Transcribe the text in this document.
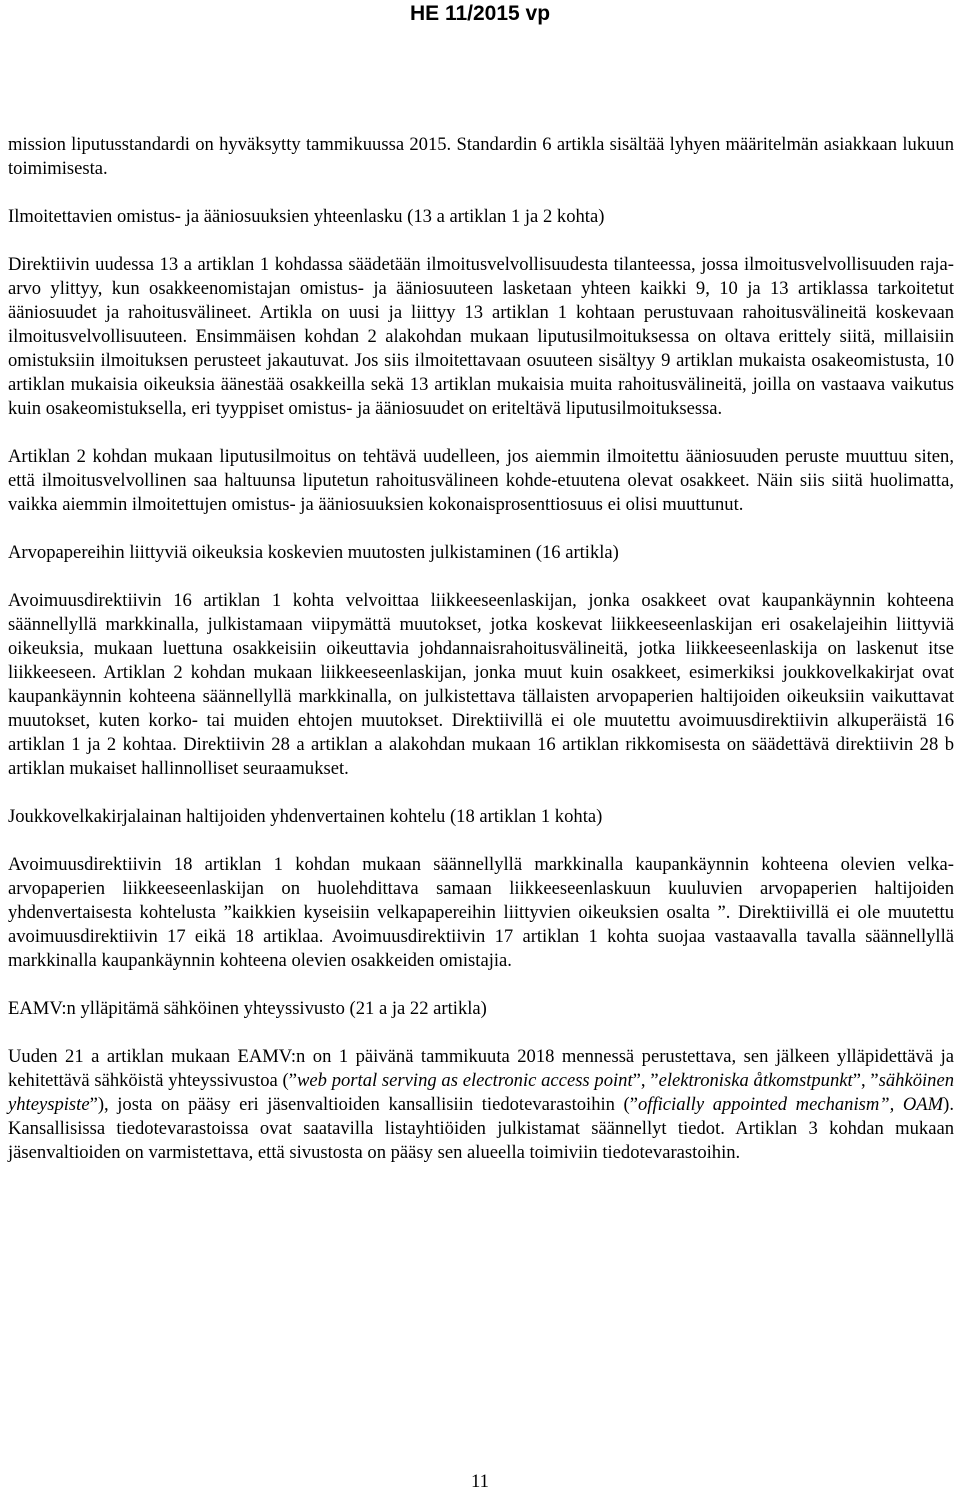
HE 11/2015 vp

mission liputusstandardi on hyväksytty tammikuussa 2015. Standardin 6 artikla sisältää lyhyen määritelmän asiakkaan lukuun toimimisesta.

Ilmoitettavien omistus- ja ääniosuuksien yhteenlasku (13 a artiklan 1 ja 2 kohta)

Direktiivin uudessa 13 a artiklan 1 kohdassa säädetään ilmoitusvelvollisuudesta tilanteessa, jossa ilmoitusvelvollisuuden raja-arvo ylittyy, kun osakkeenomistajan omistus- ja ääniosuuteen lasketaan yhteen kaikki 9, 10 ja 13 artiklassa tarkoitetut ääniosuudet ja rahoitusvälineet. Artikla on uusi ja liittyy 13 artiklan 1 kohtaan perustuvaan rahoitusvälineitä koskevaan ilmoitusvelvollisuuteen. Ensimmäisen kohdan 2 alakohdan mukaan liputusilmoituksessa on oltava erittely siitä, millaisiin omistuksiin ilmoituksen perusteet jakautuvat. Jos siis ilmoitettavaan osuuteen sisältyy 9 artiklan mukaista osakeomistusta, 10 artiklan mukaisia oikeuksia äänestää osakkeilla sekä 13 artiklan mukaisia muita rahoitusvälineitä, joilla on vastaava vaikutus kuin osakeomistuksella, eri tyyppiset omistus- ja ääniosuudet on eriteltävä liputusilmoituksessa.

Artiklan 2 kohdan mukaan liputusilmoitus on tehtävä uudelleen, jos aiemmin ilmoitettu ääniosuuden peruste muuttuu siten, että ilmoitusvelvollinen saa haltuunsa liputetun rahoitusvälineen kohde-etuutena olevat osakkeet. Näin siis siitä huolimatta, vaikka aiemmin ilmoitettujen omistus- ja ääniosuuksien kokonaisprosenttiosuus ei olisi muuttunut.

Arvopapereihin liittyviä oikeuksia koskevien muutosten julkistaminen (16 artikla)

Avoimuusdirektiivin 16 artiklan 1 kohta velvoittaa liikkeeseenlaskijan, jonka osakkeet ovat kaupankäynnin kohteena säännellyllä markkinalla, julkistamaan viipymättä muutokset, jotka koskevat liikkeeseenlaskijan eri osakelajeihin liittyviä oikeuksia, mukaan luettuna osakkeisiin oikeuttavia johdannaisrahoitusvälineitä, jotka liikkeeseenlaskija on laskenut itse liikkeeseen. Artiklan 2 kohdan mukaan liikkeeseenlaskijan, jonka muut kuin osakkeet, esimerkiksi joukkovelkakirjat ovat kaupankäynnin kohteena säännellyllä markkinalla, on julkistettava tällaisten arvopaperien haltijoiden oikeuksiin vaikuttavat muutokset, kuten korko- tai muiden ehtojen muutokset. Direktiivillä ei ole muutettu avoimuusdirektiivin alkuperäistä 16 artiklan 1 ja 2 kohtaa. Direktiivin 28 a artiklan a alakohdan mukaan 16 artiklan rikkomisesta on säädettävä direktiivin 28 b artiklan mukaiset hallinnolliset seuraamukset.

Joukkovelkakirjalainan haltijoiden yhdenvertainen kohtelu (18 artiklan 1 kohta)

Avoimuusdirektiivin 18 artiklan 1 kohdan mukaan säännellyllä markkinalla kaupankäynnin kohteena olevien velka-arvopaperien liikkeeseenlaskijan on huolehdittava samaan liikkeeseenlaskuun kuuluvien arvopaperien haltijoiden yhdenvertaisesta kohtelusta ”kaikkien kyseisiin velkapapereihin liittyvien oikeuksien osalta ”. Direktiivillä ei ole muutettu avoimuusdirektiivin 17 eikä 18 artiklaa. Avoimuusdirektiivin 17 artiklan 1 kohta suojaa vastaavalla tavalla säännellyllä markkinalla kaupankäynnin kohteena olevien osakkeiden omistajia.

EAMV:n ylläpitämä sähköinen yhteyssivusto (21 a ja 22 artikla)

Uuden 21 a artiklan mukaan EAMV:n on 1 päivänä tammikuuta 2018 mennessä perustettava, sen jälkeen ylläpidettävä ja kehitettävä sähköistä yhteyssivustoa (”web portal serving as electronic access point”, ”elektroniska åtkomstpunkt”, ”sähköinen yhteyspiste”), josta on pääsy eri jäsenvaltioiden kansallisiin tiedotevarastoihin (”officially appointed mechanism”, OAM). Kansallisissa tiedotevarastoissa ovat saatavilla listayhtiöiden julkistamat säännellyt tiedot. Artiklan 3 kohdan mukaan jäsenvaltioiden on varmistettava, että sivustosta on pääsy sen alueella toimiviin tiedotevarastoihin.

11
